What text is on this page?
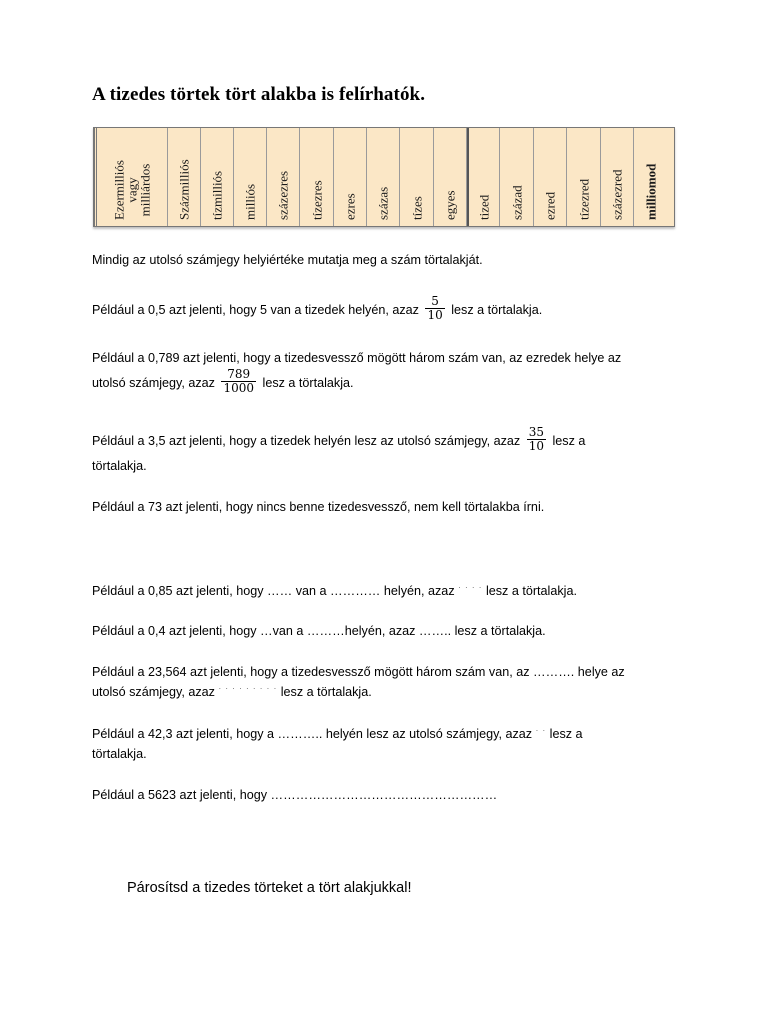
A tizedes törtek tört alakba is felírhatók.
Ezermilliós
vagy
milliárdos Százmilliós tízmilliós milliós százezres tízezres ezres százas tízes egyes tized század ezred tízezred százezred milliomod
Mindig az utolsó számjegy helyiértéke mutatja meg a szám törtalakját.
Például a 0,5 azt jelenti, hogy 5 van a tizedek helyén, azaz $\frac{5}{10}$ lesz a törtalakja.
Például a 0,789 azt jelenti, hogy a tizedesvessző mögött három szám van, az ezredek helye az
utolsó számjegy, azaz $\frac{789}{1000}$ lesz a törtalakja.
Például a 3,5 azt jelenti, hogy a tizedek helyén lesz az utolsó számjegy, azaz $\frac{35}{10}$ lesz a
törtalakja.
Például a 73 azt jelenti, hogy nincs benne tizedesvessző, nem kell törtalakba írni.
Például a 0,85 azt jelenti, hogy …… van a ………… helyén, azaz · · · · lesz a törtalakja.
Például a 0,4 azt jelenti, hogy …van a ………helyén, azaz …….. lesz a törtalakja.
Például a 23,564 azt jelenti, hogy a tizedesvessző mögött három szám van, az ………. helye az
utolsó számjegy, azaz · · · · · · · · · lesz a törtalakja.
Például a 42,3 azt jelenti, hogy a ……….. helyén lesz az utolsó számjegy, azaz · · lesz a
törtalakja.
Például a 5623 azt jelenti, hogy ………………………………………………
Párosítsd a tizedes törteket a tört alakjukkal!
